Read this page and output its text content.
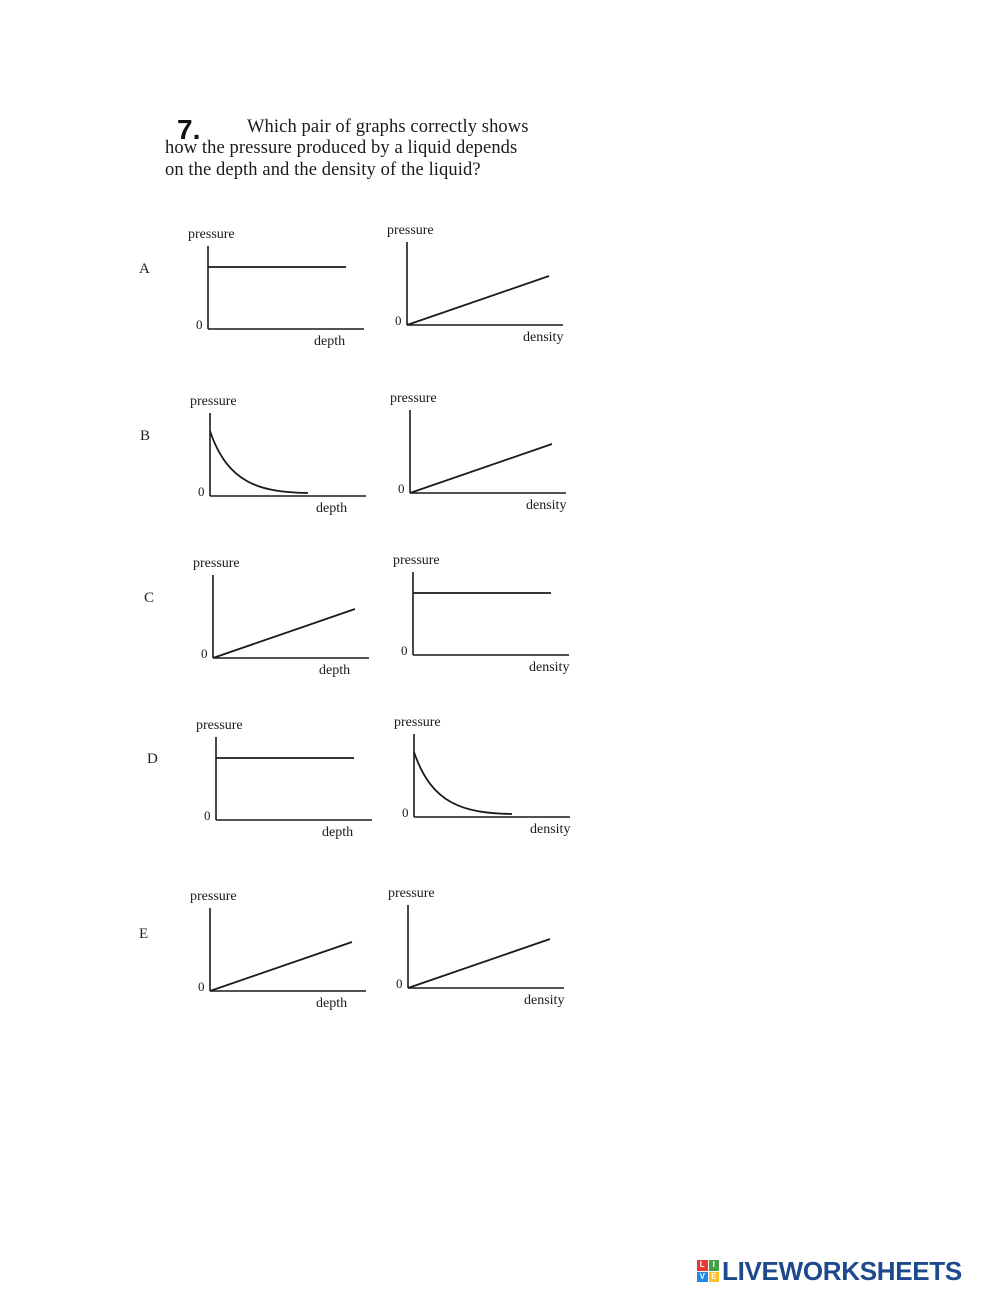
7.	Which pair of graphs correctly shows
how the pressure produced by a liquid depends
on the depth and the density of the liquid?
A
pressure
0
depth
pressure
0
density
B
pressure
0
depth
pressure
0
density
C
pressure
0
depth
pressure
0
density
D
pressure
0
depth
pressure
0
density
E
pressure
0
depth
pressure
0
density
L I
V E LIVEWORKSHEETS
